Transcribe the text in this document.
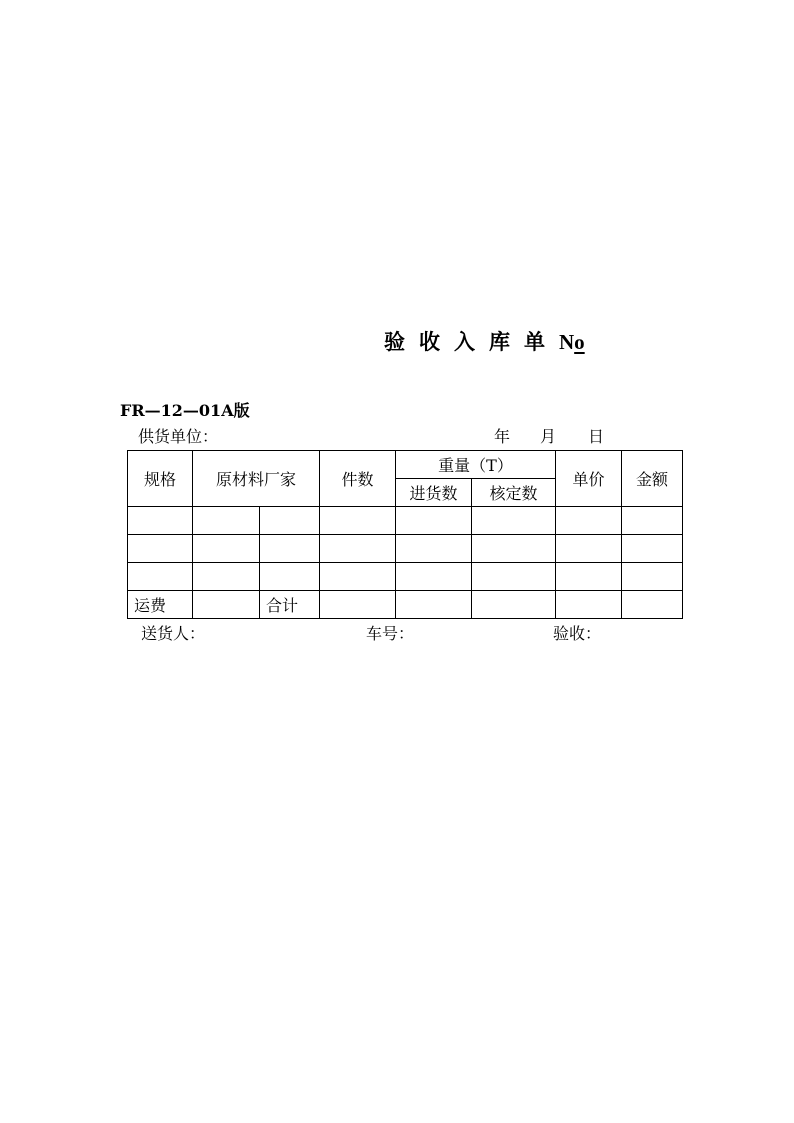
验收入库单No
FR—12—01A版
供货单位：	年 月 日
规格	原材料厂家		件数	重量（T）		单价	金额
				进货数	核定数		

运费		合计					
送货人：	车号：	验收：
